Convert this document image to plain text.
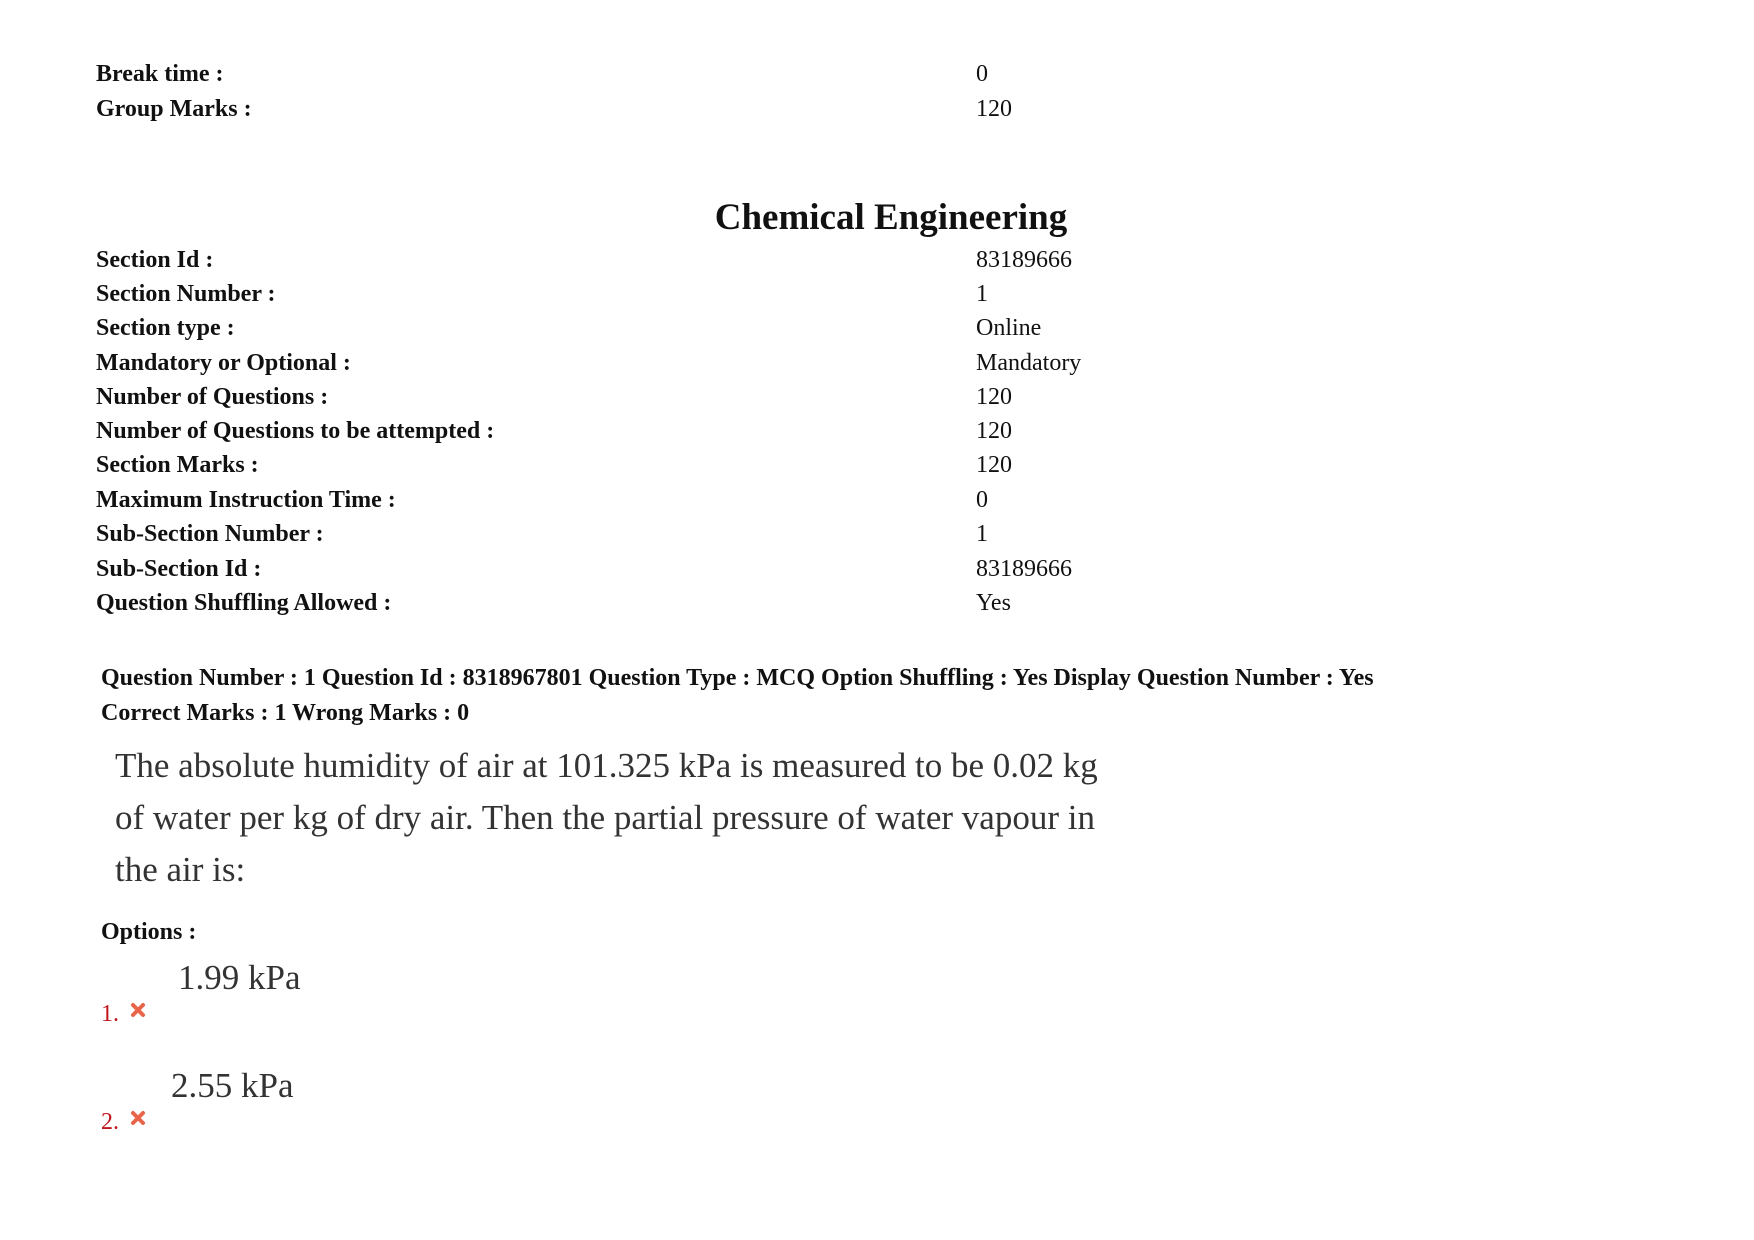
Break time :	0
Group Marks :	120
Chemical Engineering
Section Id :	83189666
Section Number :	1
Section type :	Online
Mandatory or Optional :	Mandatory
Number of Questions :	120
Number of Questions to be attempted :	120
Section Marks :	120
Maximum Instruction Time :	0
Sub-Section Number :	1
Sub-Section Id :	83189666
Question Shuffling Allowed :	Yes
Question Number : 1 Question Id : 8318967801 Question Type : MCQ Option Shuffling : Yes Display Question Number : Yes
Correct Marks : 1 Wrong Marks : 0
The absolute humidity of air at 101.325 kPa is measured to be 0.02 kg
of water per kg of dry air. Then the partial pressure of water vapour in
the air is:
Options :
1.
1.99 kPa
2.
2.55 kPa
